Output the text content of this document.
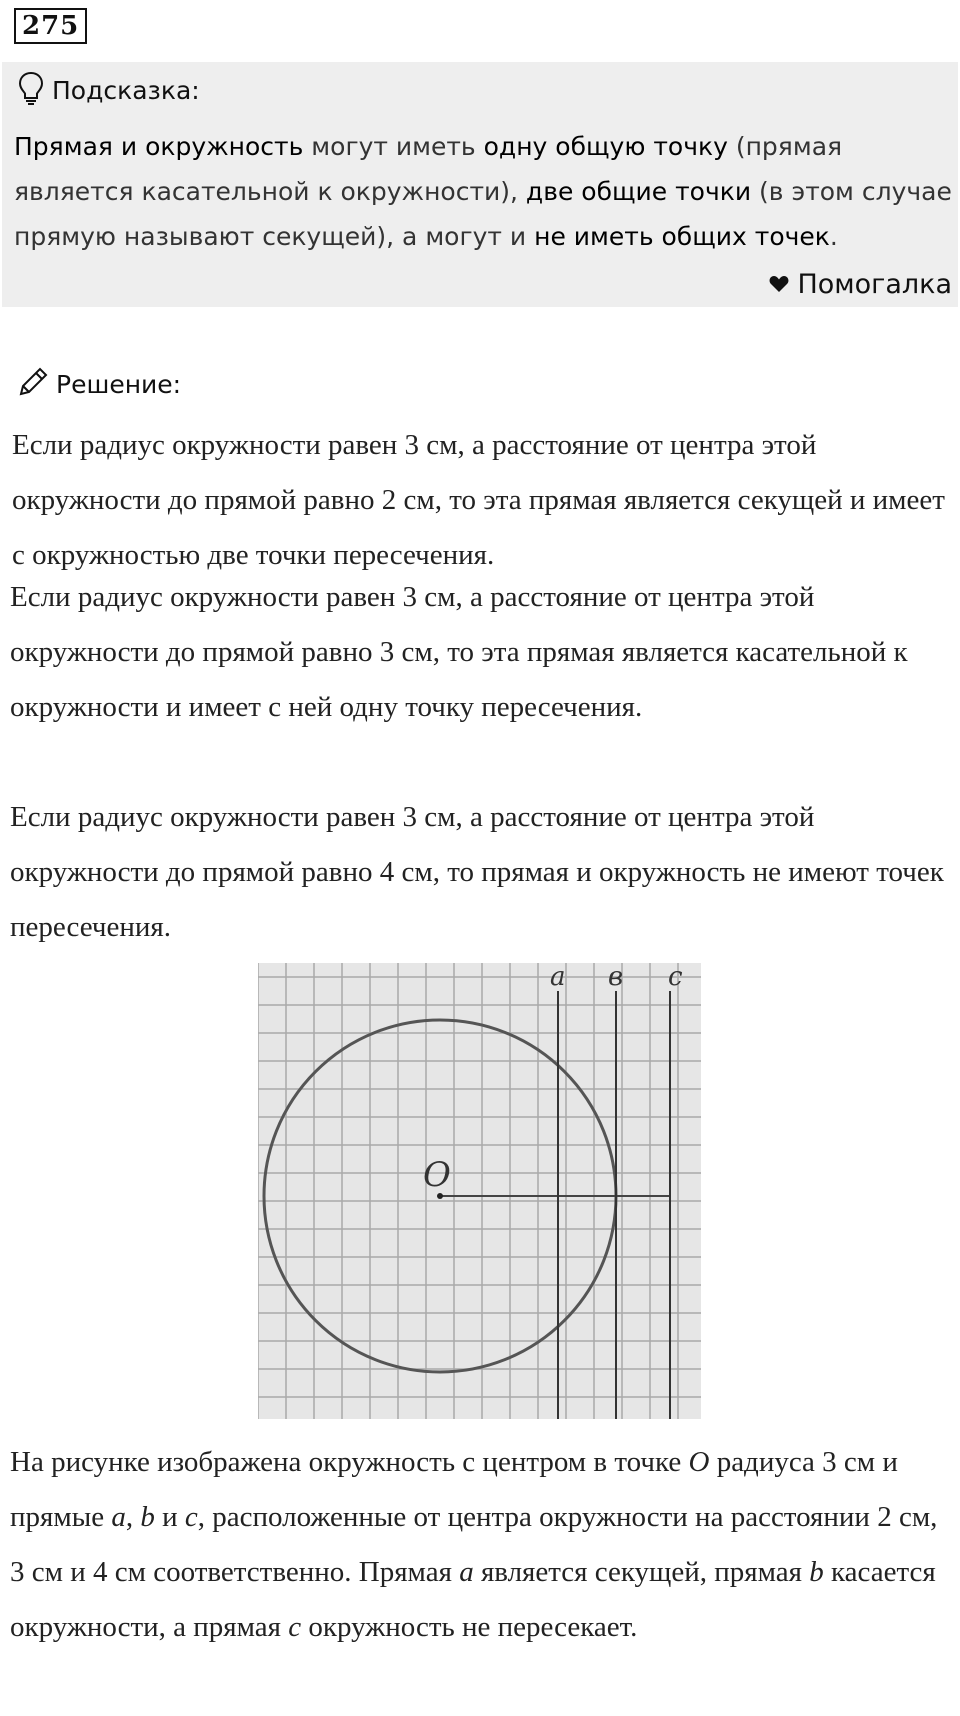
275
Подсказка:
Прямая и окружность могут иметь одну общую точку (прямая является касательной к окружности), две общие точки (в этом случае прямую называют секущей), а могут и не иметь общих точек.
Помогалка
Решение:

Если радиус окружности равен 3 см, а расстояние от центра этой окружности до прямой равно 2 см, то эта прямая является секущей и имеет с окружностью две точки пересечения.

Если радиус окружности равен 3 см, а расстояние от центра этой окружности до прямой равно 3 см, то эта прямая является касательной к окружности и имеет с ней одну точку пересечения.

Если радиус окружности равен 3 см, а расстояние от центра этой окружности до прямой равно 4 см, то прямая и окружность не имеют точек пересечения.

O
a в c

На рисунке изображена окружность с центром в точке O радиуса 3 см и прямые a, b и c, расположенные от центра окружности на расстоянии 2 см, 3 см и 4 см соответственно. Прямая a является секущей, прямая b касается окружности, а прямая c окружность не пересекает.
